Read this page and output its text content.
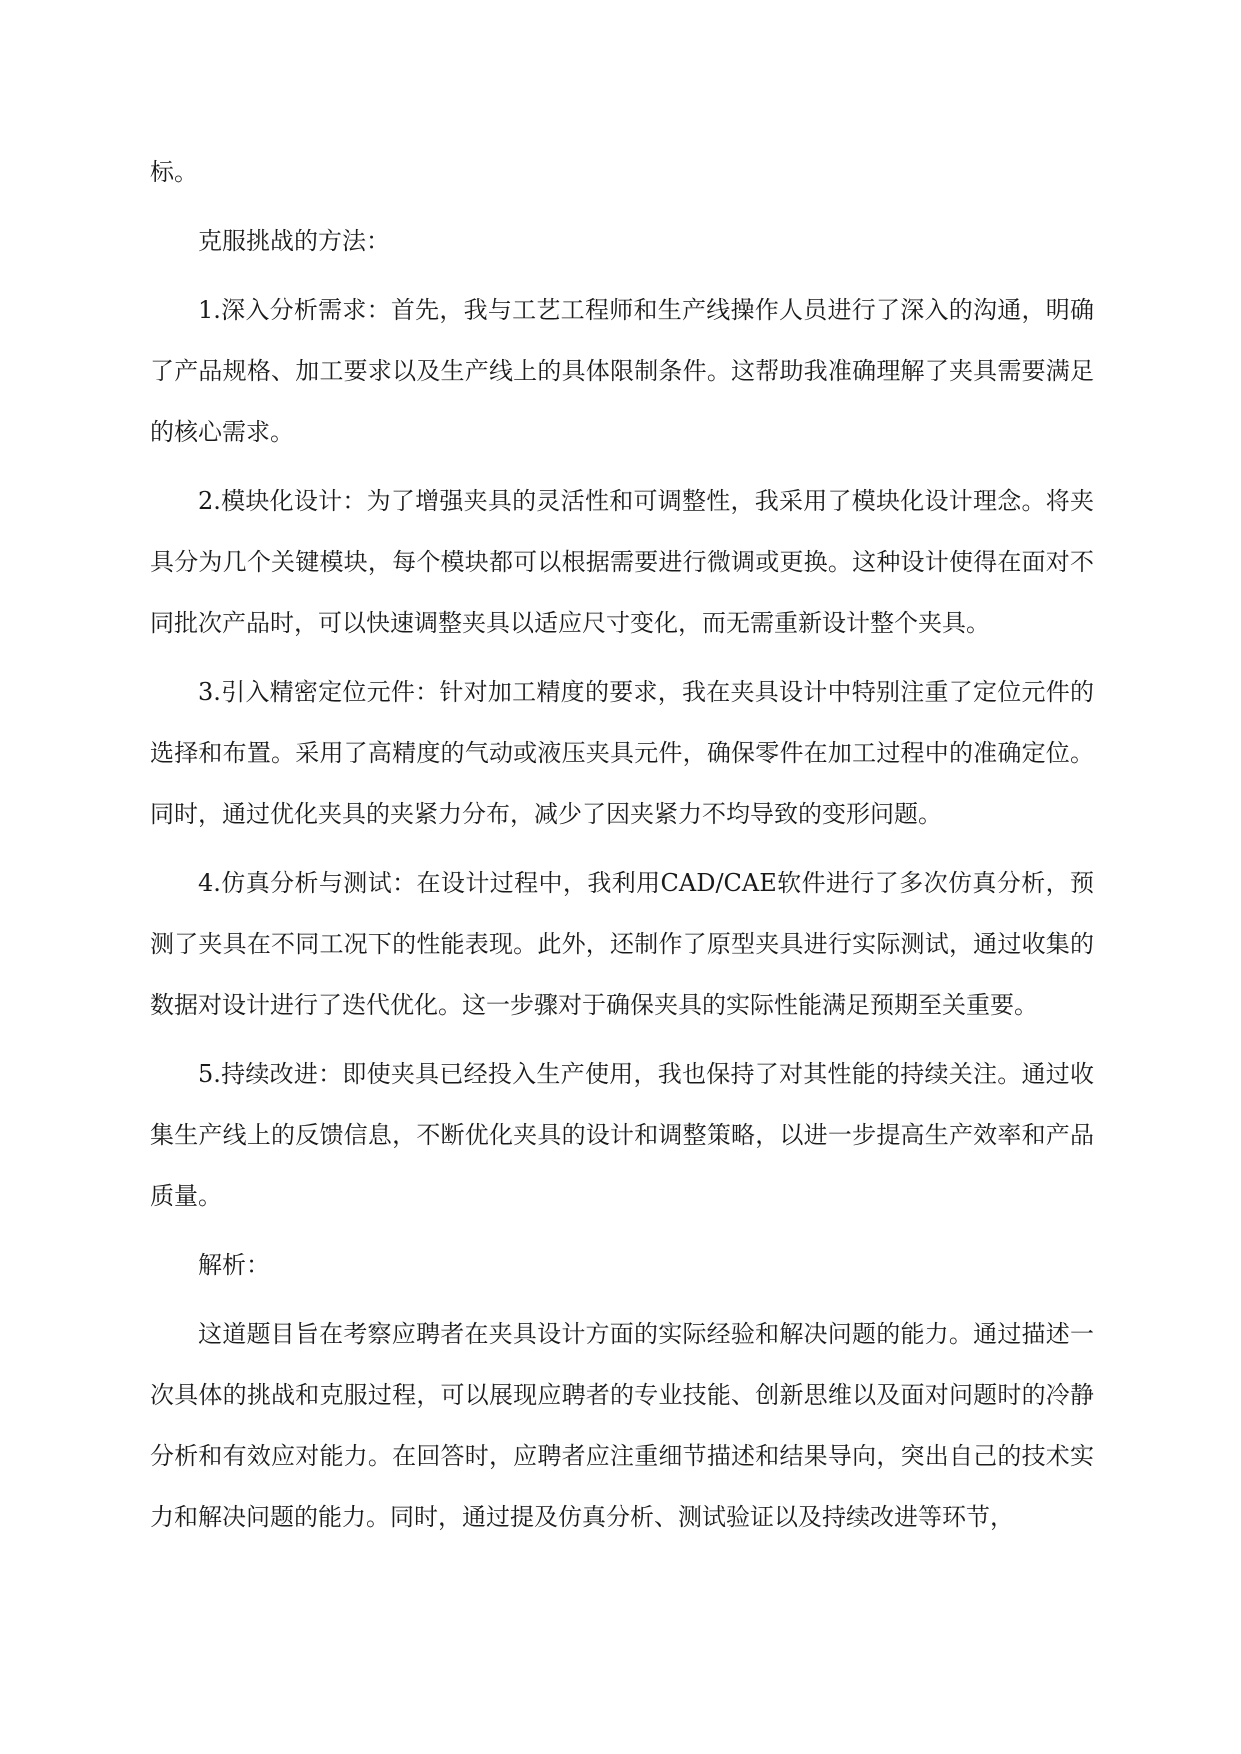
标。

克服挑战的方法：

1.深入分析需求：首先，我与工艺工程师和生产线操作人员进行了深入的沟通，明确了产品规格、加工要求以及生产线上的具体限制条件。这帮助我准确理解了夹具需要满足的核心需求。

2.模块化设计：为了增强夹具的灵活性和可调整性，我采用了模块化设计理念。将夹具分为几个关键模块，每个模块都可以根据需要进行微调或更换。这种设计使得在面对不同批次产品时，可以快速调整夹具以适应尺寸变化，而无需重新设计整个夹具。

3.引入精密定位元件：针对加工精度的要求，我在夹具设计中特别注重了定位元件的选择和布置。采用了高精度的气动或液压夹具元件，确保零件在加工过程中的准确定位。同时，通过优化夹具的夹紧力分布，减少了因夹紧力不均导致的变形问题。

4.仿真分析与测试：在设计过程中，我利用CAD/CAE软件进行了多次仿真分析，预测了夹具在不同工况下的性能表现。此外，还制作了原型夹具进行实际测试，通过收集的数据对设计进行了迭代优化。这一步骤对于确保夹具的实际性能满足预期至关重要。

5.持续改进：即使夹具已经投入生产使用，我也保持了对其性能的持续关注。通过收集生产线上的反馈信息，不断优化夹具的设计和调整策略，以进一步提高生产效率和产品质量。

解析：

这道题目旨在考察应聘者在夹具设计方面的实际经验和解决问题的能力。通过描述一次具体的挑战和克服过程，可以展现应聘者的专业技能、创新思维以及面对问题时的冷静分析和有效应对能力。在回答时，应聘者应注重细节描述和结果导向，突出自己的技术实力和解决问题的能力。同时，通过提及仿真分析、测试验证以及持续改进等环节，
